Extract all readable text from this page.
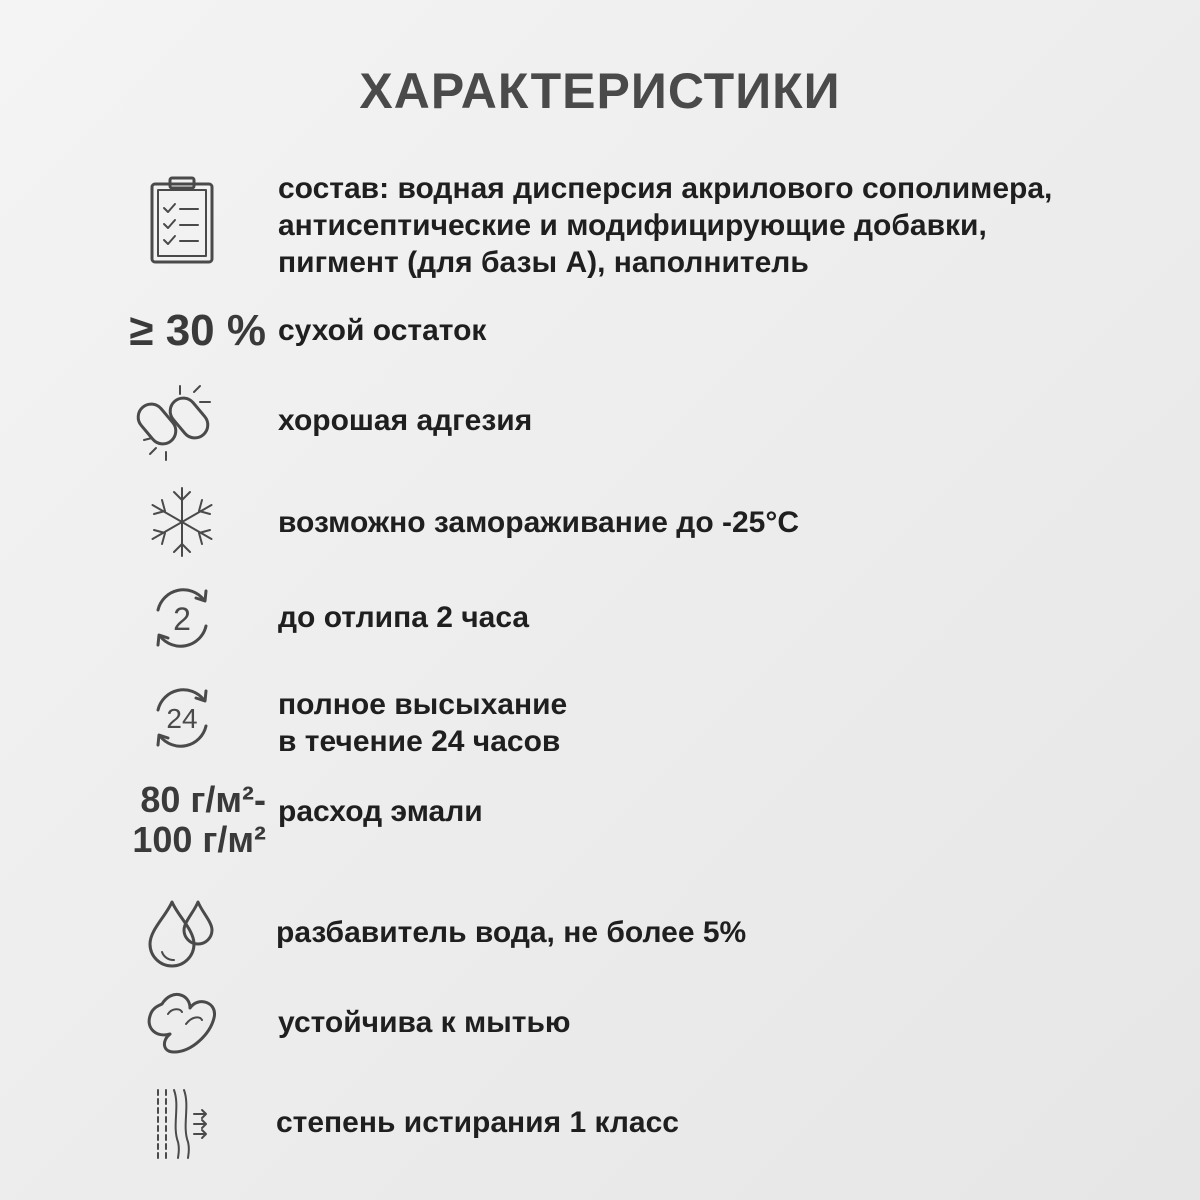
ХАРАКТЕРИСТИКИ
состав: водная дисперсия акрилового сополимера,
антисептические и модифицирующие добавки,
пигмент (для базы А), наполнитель
≥ 30 % сухой остаток
хорошая адгезия
возможно замораживание до -25°C
2	до отлипа 2 часа
24	полное высыхание
в течение 24 часов
80 г/м²-
100 г/м²
расход эмали
разбавитель вода, не более 5%
устойчива к мытью
степень истирания 1 класс
